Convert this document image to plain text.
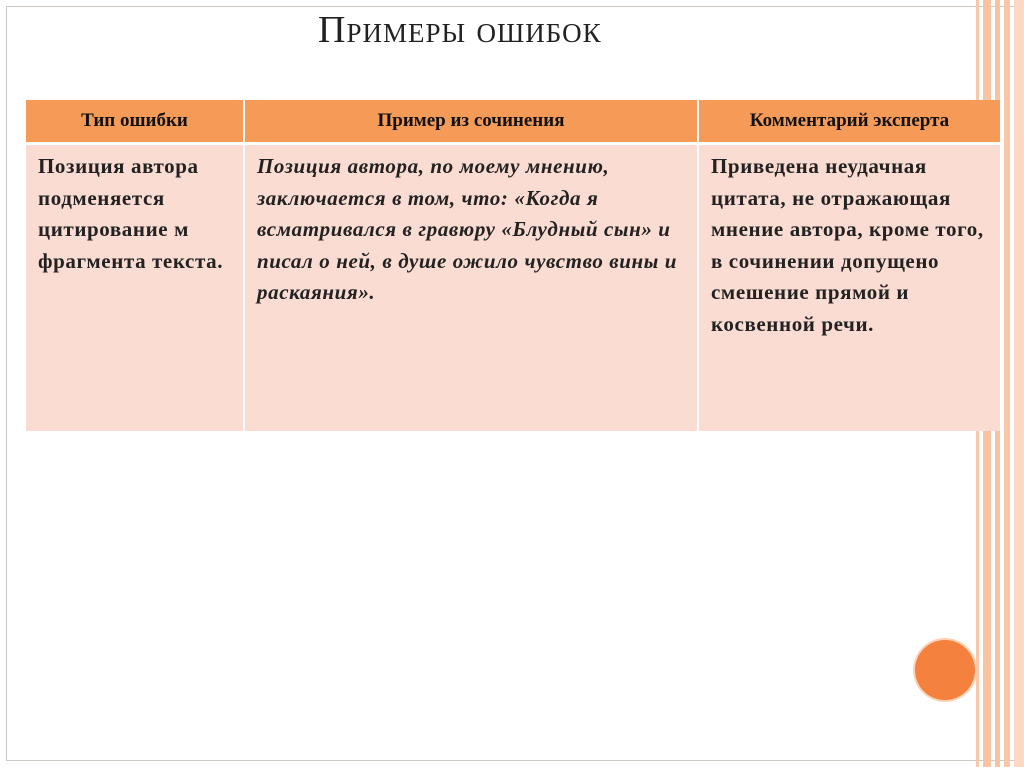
Примеры ошибок
Тип ошибки	Пример из сочинения	Комментарий эксперта
Позиция автора подменяется цитирование м фрагмента текста.	Позиция автора, по моему мнению, заключается в том, что: «Когда я всматривался в гравюру «Блудный сын» и писал о ней, в душе ожило чувство вины и раскаяния».	Приведена неудачная цитата, не отражающая мнение автора, кроме того, в сочинении допущено смешение прямой и косвенной речи.
